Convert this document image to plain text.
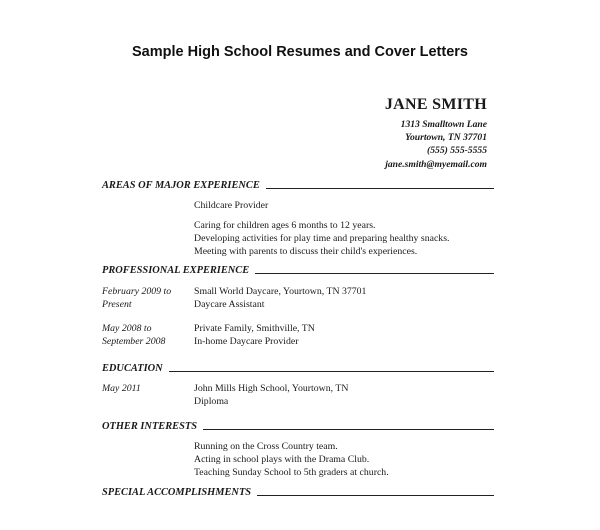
Sample High School Resumes and Cover Letters
JANE SMITH
1313 Smalltown Lane
Yourtown, TN 37701
(555) 555-5555
jane.smith@myemail.com
AREAS OF MAJOR EXPERIENCE
Childcare Provider
Caring for children ages 6 months to 12 years.
Developing activities for play time and preparing healthy snacks.
Meeting with parents to discuss their child's experiences.
PROFESSIONAL EXPERIENCE
February 2009 to
Present
Small World Daycare, Yourtown, TN 37701
Daycare Assistant
May 2008 to
September 2008
Private Family, Smithville, TN
In-home Daycare Provider
EDUCATION
May 2011	John Mills High School, Yourtown, TN
Diploma
OTHER INTERESTS
Running on the Cross Country team.
Acting in school plays with the Drama Club.
Teaching Sunday School to 5th graders at church.
SPECIAL ACCOMPLISHMENTS
